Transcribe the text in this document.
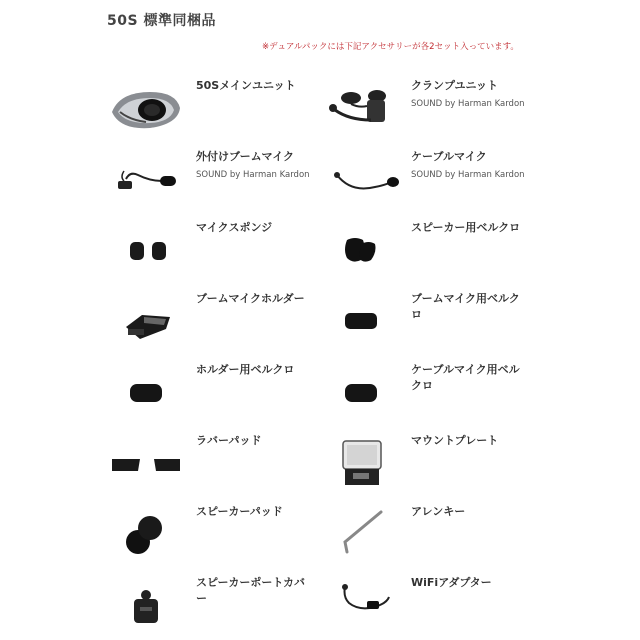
50S 標準同梱品
※デュアルパックには下記アクセサリーが各2セット入っています。
50Sメインユニット	クランプユニット
SOUND by Harman Kardon
外付けブームマイク
SOUND by Harman Kardon
ケーブルマイク
SOUND by Harman Kardon
マイクスポンジ	スピーカー用ベルクロ
ブームマイクホルダー	ブームマイク用ベルクロ
ホルダー用ベルクロ	ケーブルマイク用ベルクロ
ラバーパッド	マウントプレート
スピーカーパッド	アレンキー
スピーカーポートカバー
WiFiアダプター
